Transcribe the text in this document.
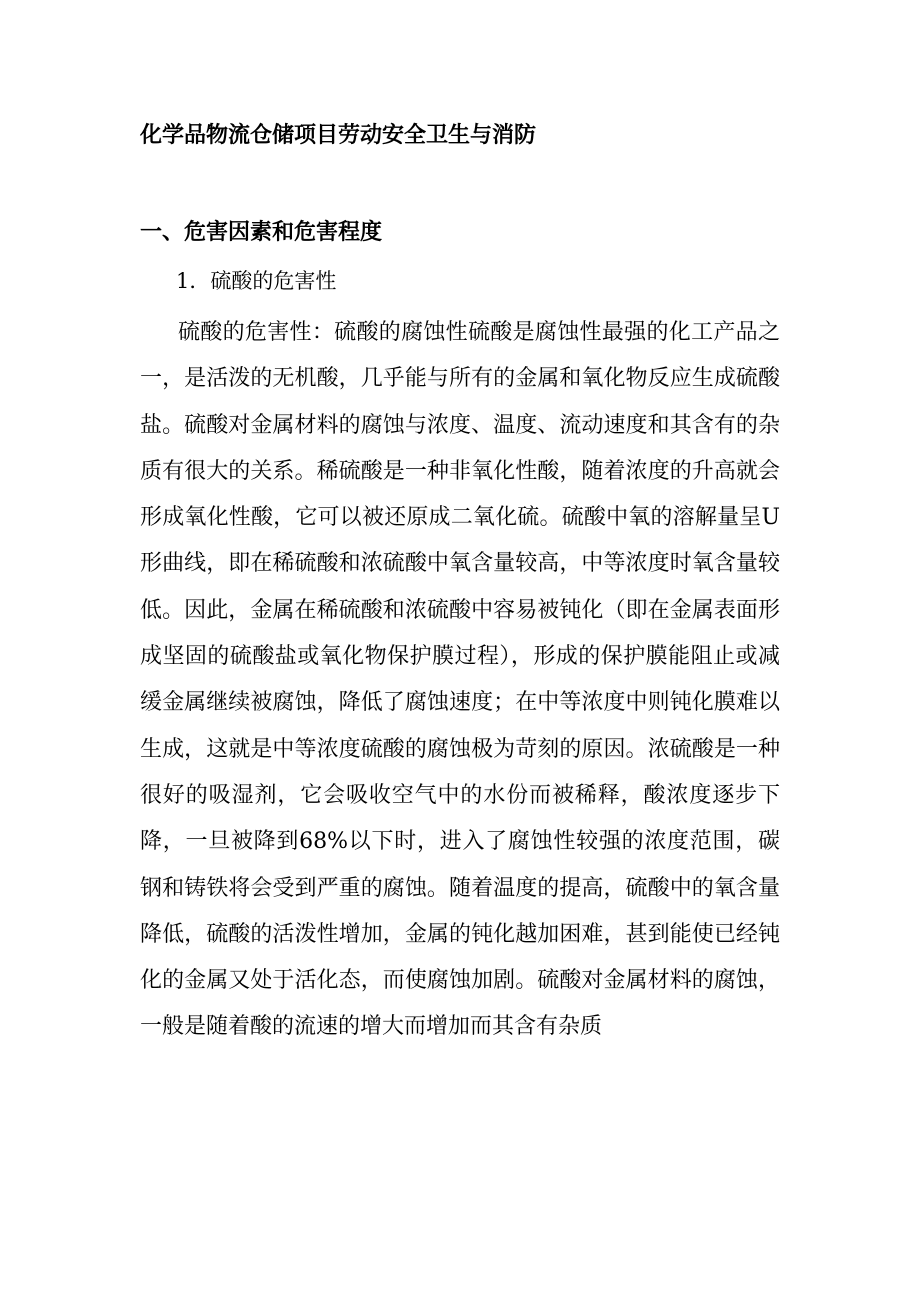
化学品物流仓储项目劳动安全卫生与消防
一、危害因素和危害程度
1．硫酸的危害性

硫酸的危害性：硫酸的腐蚀性硫酸是腐蚀性最强的化工产品之一，是活泼的无机酸，几乎能与所有的金属和氧化物反应生成硫酸盐。硫酸对金属材料的腐蚀与浓度、温度、流动速度和其含有的杂质有很大的关系。稀硫酸是一种非氧化性酸，随着浓度的升高就会形成氧化性酸，它可以被还原成二氧化硫。硫酸中氧的溶解量呈U形曲线，即在稀硫酸和浓硫酸中氧含量较高，中等浓度时氧含量较低。因此，金属在稀硫酸和浓硫酸中容易被钝化（即在金属表面形成坚固的硫酸盐或氧化物保护膜过程），形成的保护膜能阻止或减缓金属继续被腐蚀，降低了腐蚀速度；在中等浓度中则钝化膜难以生成，这就是中等浓度硫酸的腐蚀极为苛刻的原因。浓硫酸是一种很好的吸湿剂，它会吸收空气中的水份而被稀释，酸浓度逐步下降，一旦被降到68%以下时，进入了腐蚀性较强的浓度范围，碳钢和铸铁将会受到严重的腐蚀。随着温度的提高，硫酸中的氧含量降低，硫酸的活泼性增加，金属的钝化越加困难，甚到能使已经钝化的金属又处于活化态，而使腐蚀加剧。硫酸对金属材料的腐蚀，一般是随着酸的流速的增大而增加而其含有杂质
